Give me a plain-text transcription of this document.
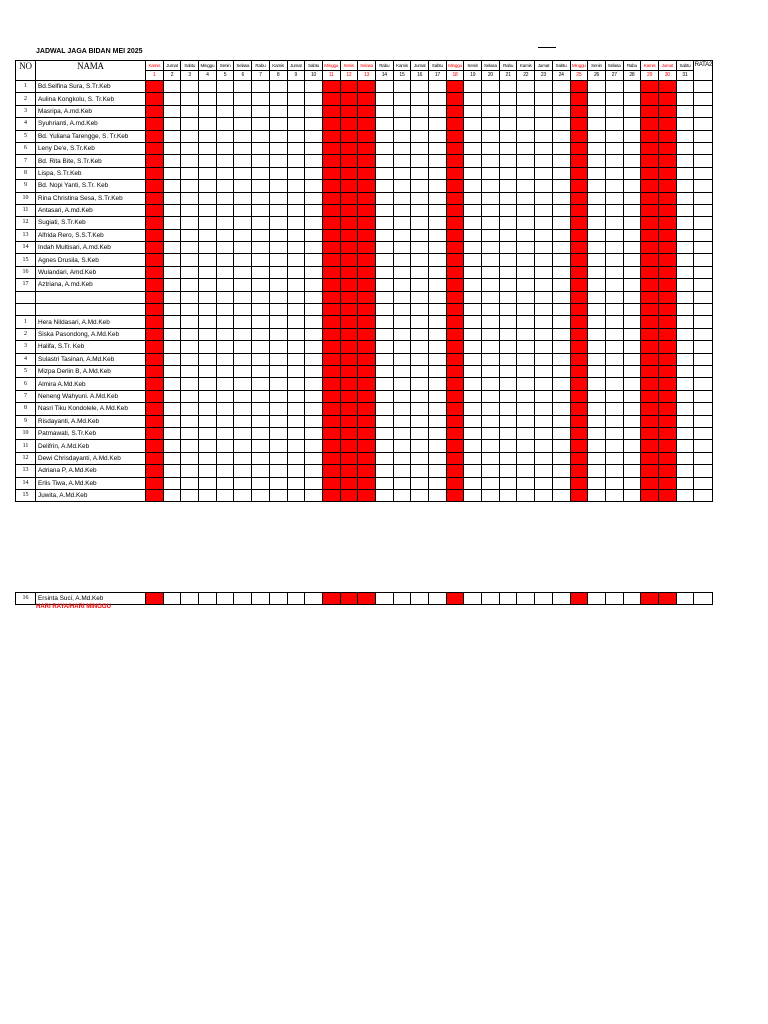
JADWAL JAGA BIDAN MEI 2025
NO	NAMA	Kamis	Jumat	Sabtu	Minggu	Senin	Selasa	Rabu	Kamis	Jumat	Sabtu	Minggu	Senin	Selasa	Rabu	Kamis	Jumat	Sabtu	Minggu	Senin	Selasa	Rabu	Kamis	Jumat	Sabtu	Minggu	Senin	Selasa	Rabu	Kamis	Jumat	Sabtu	RATA2
		1	2	3	4	5	6	7	8	9	10	11	12	13	14	15	16	17	18	19	20	21	22	23	24	25	26	27	28	29	30	31	
1	Bd.Selfina Sura, S.Tr.Keb																																
2	Aulina Kongkolu, S. Tr.Keb																																
3	Masripa, A.md.Keb																																
4	Syuhrianti, A.md.Keb																																
5	Bd. Yuliana Tarengge, S. Tr.Keb																																
6	Leny De'e, S.Tr.Keb																																
7	Bd. Rita Bite, S.Tr.Keb																																
8	Lispa, S.Tr.Keb																																
9	Bd. Nopi Yanti, S.Tr. Keb																																
10	Rina Christina Sesa, S.Tr.Keb																																
11	Antasari, A.md.Keb																																
12	Sugiati, S.Tr.Keb																																
13	Alfrida Rero, S.S.T.Keb																																
14	Indah Multisari, A.md.Keb																																
15	Agnes Drusila, S.Keb																																
16	Wulandari, Amd.Keb																																
17	Aztriana, A.md.Keb																																

1	Hera Nildasari, A.Md.Keb																																
2	Siska Pasondong, A.Md.Keb																																
3	Halifa, S.Tr. Keb																																
4	Sulastri Tasinan, A.Md.Keb																																
5	Mizpa Derlin B, A.Md.Keb																																
6	Almira A.Md.Keb																																
7	Neneng Wahyuni. A.Md.Keb																																
8	Nasri Tiku Kondolele, A.Md.Keb																																
9	Risdayanti, A.Md.Keb																																
10	Patmawati, S.Tr.Keb																																
11	Delifrin, A.Md.Keb																																
12	Dewi Chrisdayanti, A.Md.Keb																																
13	Adriana P, A.Md.Keb																																
14	Erlis Tiwa, A.Md.Keb																																
15	Juwita, A.Md.Keb																																
16	Ersinta Suci, A.Md.Keb																																
HARI RAYA/HARI MINGGU
